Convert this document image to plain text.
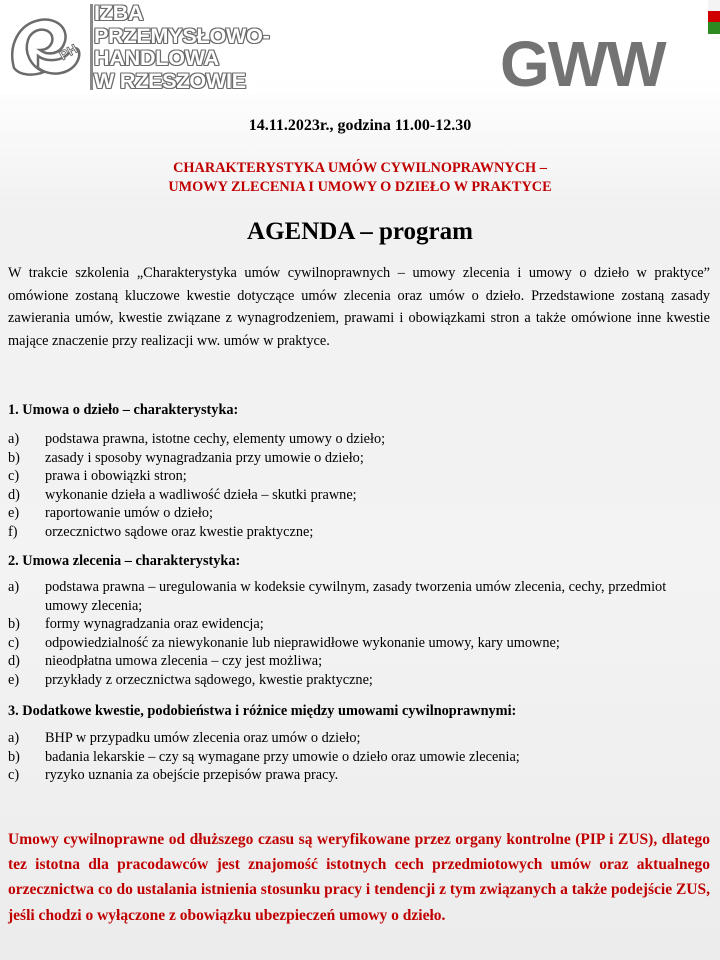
PH
IZBA
PRZEMYSŁOWO-
HANDLOWA
W RZESZOWIE	GWW
14.11.2023r., godzina 11.00-12.30
CHARAKTERYSTYKA UMÓW CYWILNOPRAWNYCH –
UMOWY ZLECENIA I UMOWY O DZIEŁO W PRAKTYCE
AGENDA – program
W trakcie szkolenia „Charakterystyka umów cywilnoprawnych – umowy zlecenia i umowy o dzieło w praktyce” omówione zostaną kluczowe kwestie dotyczące umów zlecenia oraz umów o dzieło. Przedstawione zostaną zasady zawierania umów, kwestie związane z wynagrodzeniem, prawami i obowiązkami stron a także omówione inne kwestie mające znaczenie przy realizacji ww. umów w praktyce.
1. Umowa o dzieło – charakterystyka:
a) podstawa prawna, istotne cechy, elementy umowy o dzieło;
b) zasady i sposoby wynagradzania przy umowie o dzieło;
c) prawa i obowiązki stron;
d) wykonanie dzieła a wadliwość dzieła – skutki prawne;
e) raportowanie umów o dzieło;
f) orzecznictwo sądowe oraz kwestie praktyczne;
2. Umowa zlecenia – charakterystyka:
a) podstawa prawna – uregulowania w kodeksie cywilnym, zasady tworzenia umów zlecenia, cechy, przedmiot umowy zlecenia;
b) formy wynagradzania oraz ewidencja;
c) odpowiedzialność za niewykonanie lub nieprawidłowe wykonanie umowy, kary umowne;
d) nieodpłatna umowa zlecenia – czy jest możliwa;
e) przykłady z orzecznictwa sądowego, kwestie praktyczne;
3. Dodatkowe kwestie, podobieństwa i różnice między umowami cywilnoprawnymi:
a) BHP w przypadku umów zlecenia oraz umów o dzieło;
b) badania lekarskie – czy są wymagane przy umowie o dzieło oraz umowie zlecenia;
c) ryzyko uznania za obejście przepisów prawa pracy.
Umowy cywilnoprawne od dłuższego czasu są weryfikowane przez organy kontrolne (PIP i ZUS), dlatego tez istotna dla pracodawców jest znajomość istotnych cech przedmiotowych umów oraz aktualnego orzecznictwa co do ustalania istnienia stosunku pracy i tendencji z tym związanych a także podejście ZUS, jeśli chodzi o wyłączone z obowiązku ubezpieczeń umowy o dzieło.
